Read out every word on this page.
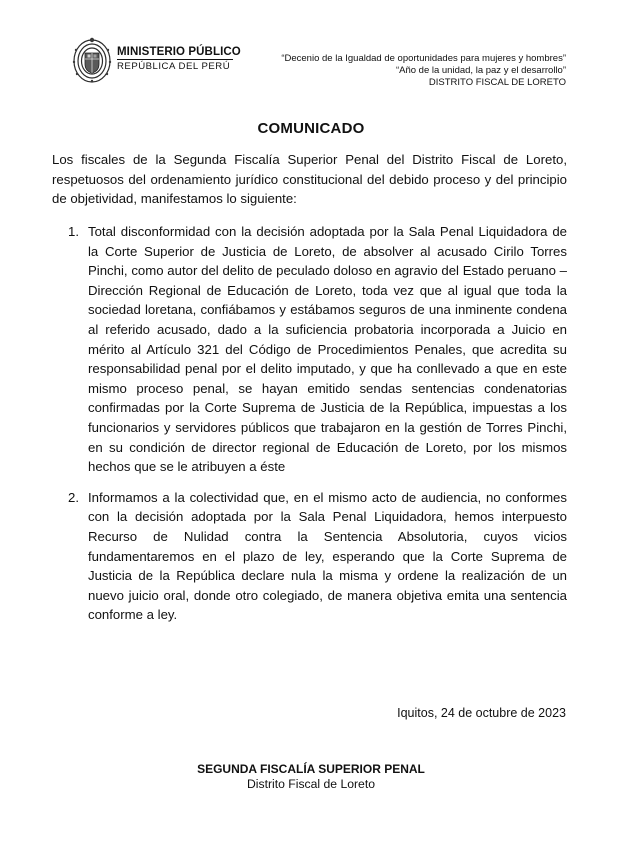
MINISTERIO PÚBLICO
REPÚBLICA DEL PERÚ
“Decenio de la Igualdad de oportunidades para mujeres y hombres”
“Año de la unidad, la paz y el desarrollo”
DISTRITO FISCAL DE LORETO
COMUNICADO
Los fiscales de la Segunda Fiscalía Superior Penal del Distrito Fiscal de Loreto, respetuosos del ordenamiento jurídico constitucional del debido proceso y del principio de objetividad, manifestamos lo siguiente:
1. Total disconformidad con la decisión adoptada por la Sala Penal Liquidadora de la Corte Superior de Justicia de Loreto, de absolver al acusado Cirilo Torres Pinchi, como autor del delito de peculado doloso en agravio del Estado peruano – Dirección Regional de Educación de Loreto, toda vez que al igual que toda la sociedad loretana, confiábamos y estábamos seguros de una inminente condena al referido acusado, dado a la suficiencia probatoria incorporada a Juicio en mérito al Artículo 321 del Código de Procedimientos Penales, que acredita su responsabilidad penal por el delito imputado, y que ha conllevado a que en este mismo proceso penal, se hayan emitido sendas sentencias condenatorias confirmadas por la Corte Suprema de Justicia de la República, impuestas a los funcionarios y servidores públicos que trabajaron en la gestión de Torres Pinchi, en su condición de director regional de Educación de Loreto, por los mismos hechos que se le atribuyen a éste
2. Informamos a la colectividad que, en el mismo acto de audiencia, no conformes con la decisión adoptada por la Sala Penal Liquidadora, hemos interpuesto Recurso de Nulidad contra la Sentencia Absolutoria, cuyos vicios fundamentaremos en el plazo de ley, esperando que la Corte Suprema de Justicia de la República declare nula la misma y ordene la realización de un nuevo juicio oral, donde otro colegiado, de manera objetiva emita una sentencia conforme a ley.
Iquitos, 24 de octubre de 2023
SEGUNDA FISCALÍA SUPERIOR PENAL
Distrito Fiscal de Loreto
